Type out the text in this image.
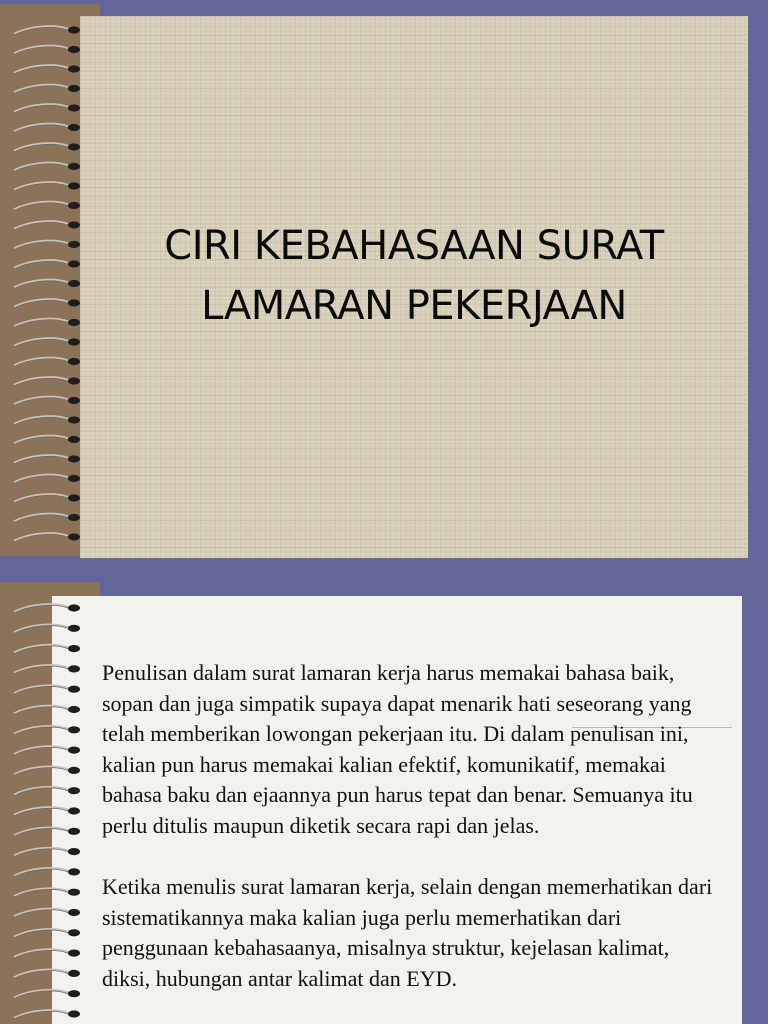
CIRI KEBAHASAAN SURAT
LAMARAN PEKERJAAN

Penulisan dalam surat lamaran kerja harus memakai bahasa baik, sopan dan juga simpatik supaya dapat menarik hati seseorang yang telah memberikan lowongan pekerjaan itu. Di dalam penulisan ini, kalian pun harus memakai kalian efektif, komunikatif, memakai bahasa baku dan ejaannya pun harus tepat dan benar. Semuanya itu perlu ditulis maupun diketik secara rapi dan jelas.

Ketika menulis surat lamaran kerja, selain dengan memerhatikan dari sistematikannya maka kalian juga perlu memerhatikan dari penggunaan kebahasaanya, misalnya struktur, kejelasan kalimat, diksi, hubungan antar kalimat dan EYD.
